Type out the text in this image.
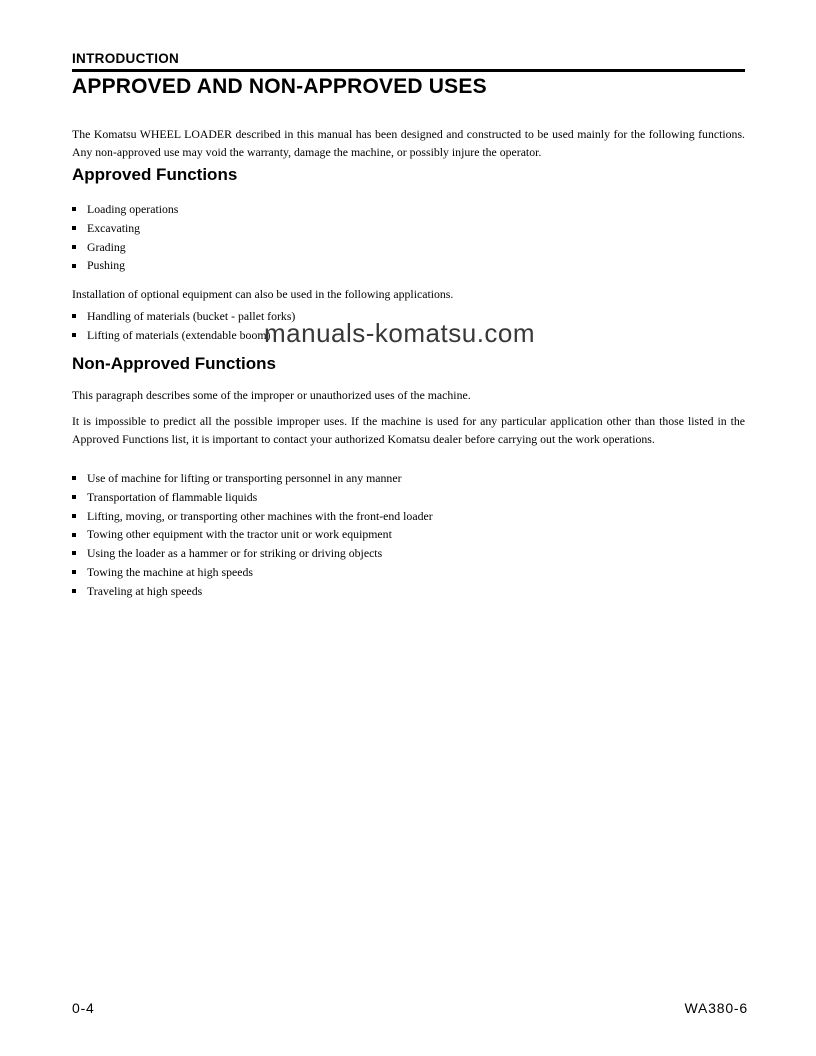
INTRODUCTION
APPROVED AND NON-APPROVED USES
The Komatsu WHEEL LOADER described in this manual has been designed and constructed to be used mainly for the following functions. Any non-approved use may void the warranty, damage the machine, or possibly injure the operator.
Approved Functions
Loading operations
Excavating
Grading
Pushing
Installation of optional equipment can also be used in the following applications.
Handling of materials (bucket - pallet forks)
Lifting of materials (extendable boom)
Non-Approved Functions
This paragraph describes some of the improper or unauthorized uses of the machine.
It is impossible to predict all the possible improper uses. If the machine is used for any particular application other than those listed in the Approved Functions list, it is important to contact your authorized Komatsu dealer before carrying out the work operations.
Use of machine for lifting or transporting personnel in any manner
Transportation of flammable liquids
Lifting, moving, or transporting other machines with the front-end loader
Towing other equipment with the tractor unit or work equipment
Using the loader as a hammer or for striking or driving objects
Towing the machine at high speeds
Traveling at high speeds
manuals-komatsu.com
0-4	WA380-6
